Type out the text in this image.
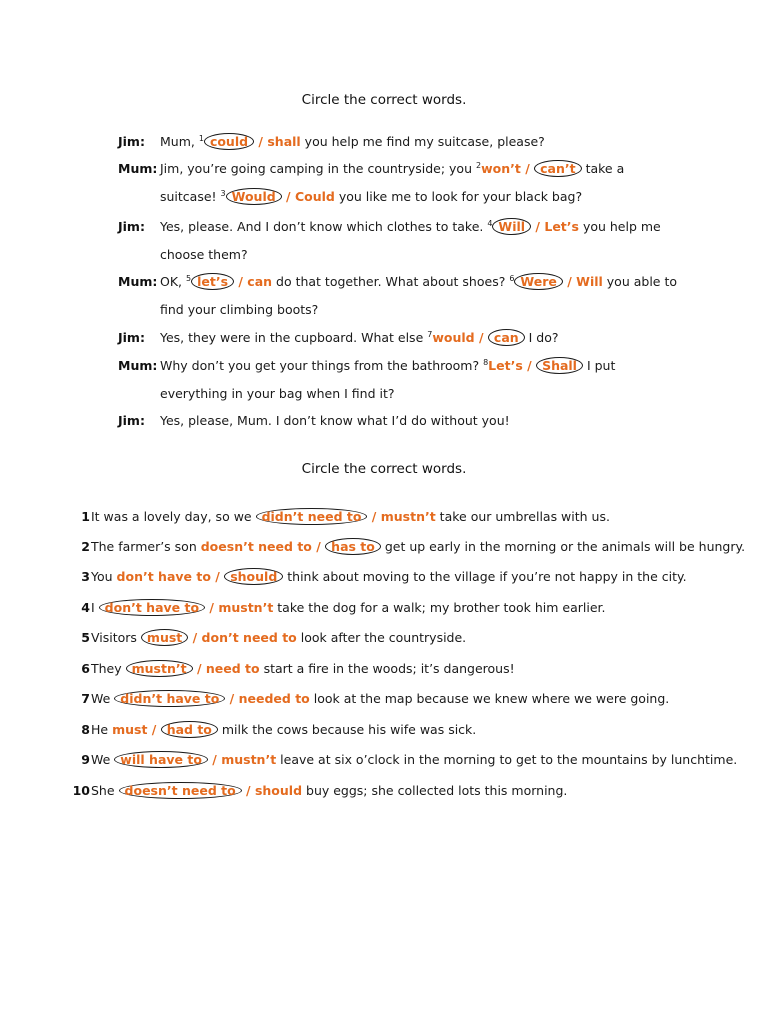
Circle the correct words.
Jim: Mum, $^1$ could / shall you help me find my suitcase, please?
Mum: Jim, you’re going camping in the countryside; you $^2$won’t / can’t take a
suitcase! $^3$ Would / Could you like me to look for your black bag?
Jim: Yes, please. And I don’t know which clothes to take. $^4$ Will / Let’s you help me
choose them?
Mum: OK, $^5$ let’s / can do that together. What about shoes? $^6$ Were / Will you able to
find your climbing boots?
Jim: Yes, they were in the cupboard. What else $^7$would / can I do?
Mum: Why don’t you get your things from the bathroom? $^8$Let’s / Shall I put
everything in your bag when I find it?
Jim: Yes, please, Mum. I don’t know what I’d do without you!
Circle the correct words.
1 It was a lovely day, so we didn’t need to / mustn’t take our umbrellas with us.
2 The farmer’s son doesn’t need to / has to get up early in the morning or the animals will be hungry.
3 You don’t have to / should think about moving to the village if you’re not happy in the city.
4 I don’t have to / mustn’t take the dog for a walk; my brother took him earlier.
5 Visitors must / don’t need to look after the countryside.
6 They mustn’t / need to start a fire in the woods; it’s dangerous!
7 We didn’t have to / needed to look at the map because we knew where we were going.
8 He must / had to milk the cows because his wife was sick.
9 We will have to / mustn’t leave at six o’clock in the morning to get to the mountains by lunchtime.
10 She doesn’t need to / should buy eggs; she collected lots this morning.
